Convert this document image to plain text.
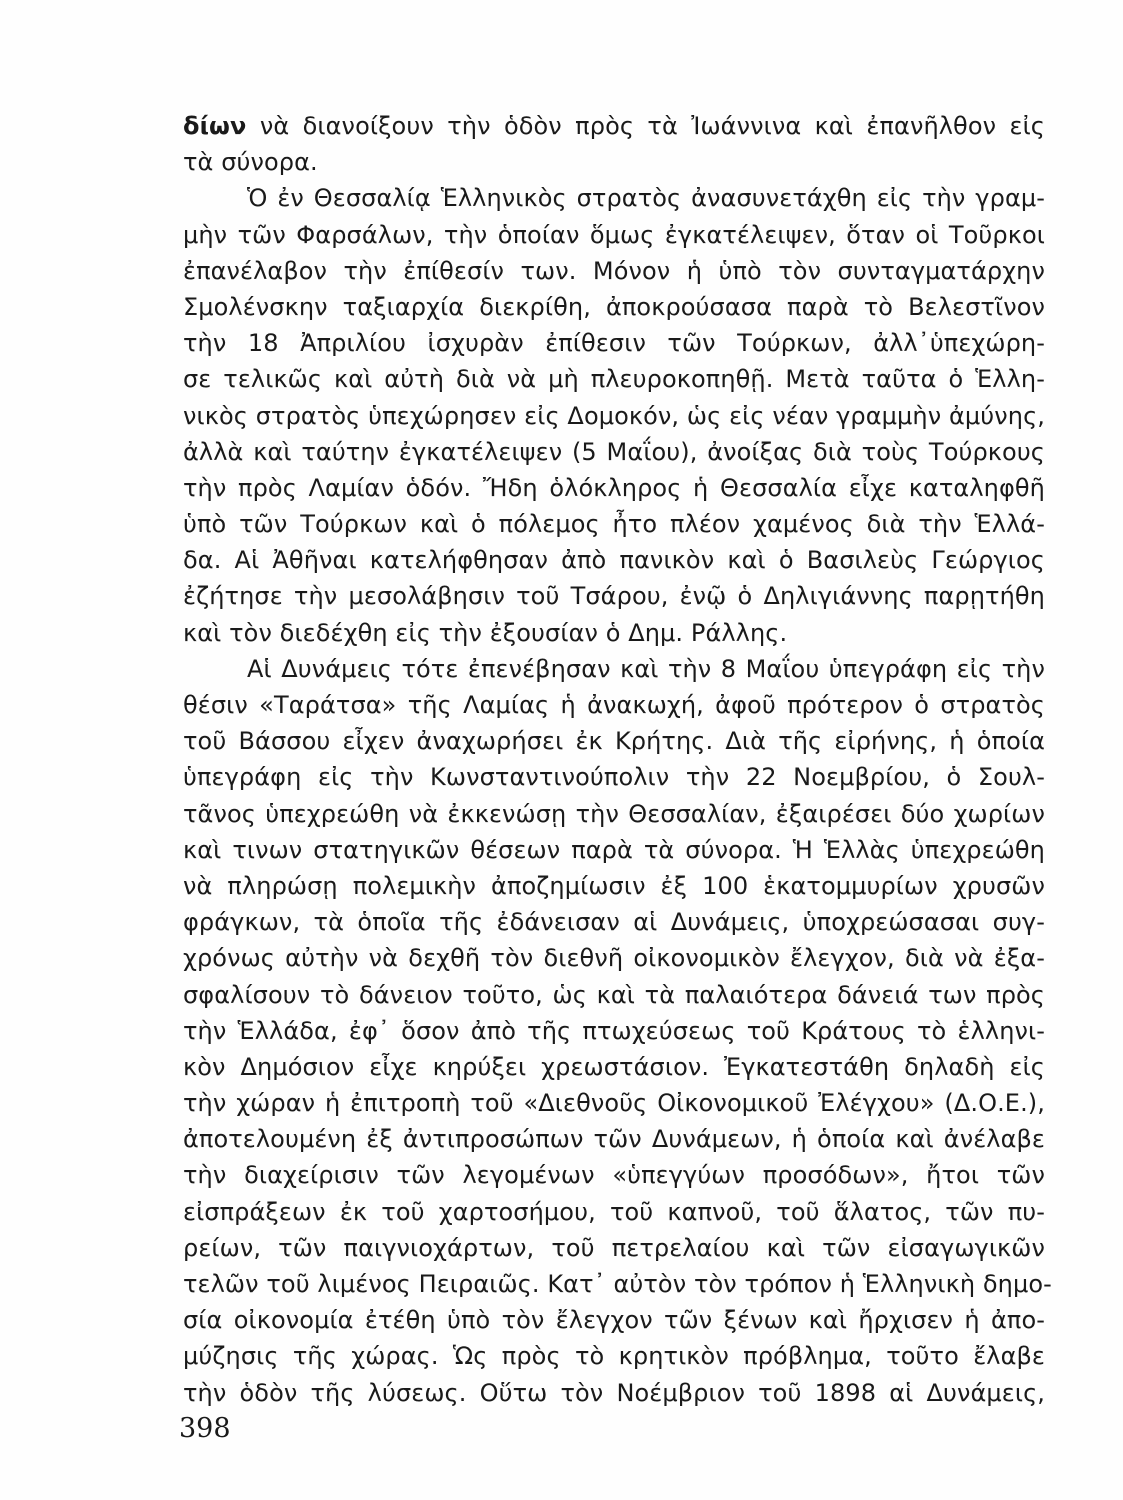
δίων νὰ διανοίξουν τὴν ὁδὸν πρὸς τὰ Ἰωάννινα καὶ ἐπανῆλθον εἰς
τὰ σύνορα.
Ὁ ἐν Θεσσαλίᾳ Ἑλληνικὸς στρατὸς ἀνασυνετάχθη εἰς τὴν γραμ-
μὴν τῶν Φαρσάλων, τὴν ὁποίαν ὅμως ἐγκατέλειψεν, ὅταν οἱ Τοῦρκοι
ἐπανέλαβον τὴν ἐπίθεσίν των. Μόνον ἡ ὑπὸ τὸν συνταγματάρχην
Σμολένσκην ταξιαρχία διεκρίθη, ἀποκρούσασα παρὰ τὸ Βελεστῖνον
τὴν 18 Ἀπριλίου ἰσχυρὰν ἐπίθεσιν τῶν Τούρκων, ἀλλ᾽ὑπεχώρη-
σε τελικῶς καὶ αὐτὴ διὰ νὰ μὴ πλευροκοπηθῇ. Μετὰ ταῦτα ὁ Ἑλλη-
νικὸς στρατὸς ὑπεχώρησεν εἰς Δομοκόν, ὡς εἰς νέαν γραμμὴν ἀμύνης,
ἀλλὰ καὶ ταύτην ἐγκατέλειψεν (5 Μαΐου), ἀνοίξας διὰ τοὺς Τούρκους
τὴν πρὸς Λαμίαν ὁδόν. Ἤδη ὁλόκληρος ἡ Θεσσαλία εἶχε καταληφθῆ
ὑπὸ τῶν Τούρκων καὶ ὁ πόλεμος ἦτο πλέον χαμένος διὰ τὴν Ἑλλά-
δα. Αἱ Ἀθῆναι κατελήφθησαν ἀπὸ πανικὸν καὶ ὁ Βασιλεὺς Γεώργιος
ἐζήτησε τὴν μεσολάβησιν τοῦ Τσάρου, ἐνῷ ὁ Δηλιγιάννης παρῃτήθη
καὶ τὸν διεδέχθη εἰς τὴν ἐξουσίαν ὁ Δημ. Ράλλης.
Αἱ Δυνάμεις τότε ἐπενέβησαν καὶ τὴν 8 Μαΐου ὑπεγράφη εἰς τὴν
θέσιν «Ταράτσα» τῆς Λαμίας ἡ ἀνακωχή, ἀφοῦ πρότερον ὁ στρατὸς
τοῦ Βάσσου εἶχεν ἀναχωρήσει ἐκ Κρήτης. Διὰ τῆς εἰρήνης, ἡ ὁποία
ὑπεγράφη εἰς τὴν Κωνσταντινούπολιν τὴν 22 Νοεμβρίου, ὁ Σουλ-
τᾶνος ὑπεχρεώθη νὰ ἐκκενώσῃ τὴν Θεσσαλίαν, ἐξαιρέσει δύο χωρίων
καὶ τινων στατηγικῶν θέσεων παρὰ τὰ σύνορα. Ἡ Ἑλλὰς ὑπεχρεώθη
νὰ πληρώσῃ πολεμικὴν ἀποζημίωσιν ἐξ 100 ἑκατομμυρίων χρυσῶν
φράγκων, τὰ ὁποῖα τῆς ἐδάνεισαν αἱ Δυνάμεις, ὑποχρεώσασαι συγ-
χρόνως αὐτὴν νὰ δεχθῆ τὸν διεθνῆ οἰκονομικὸν ἔλεγχον, διὰ νὰ ἐξα-
σφαλίσουν τὸ δάνειον τοῦτο, ὡς καὶ τὰ παλαιότερα δάνειά των πρὸς
τὴν Ἑλλάδα, ἐφ᾽ ὅσον ἀπὸ τῆς πτωχεύσεως τοῦ Κράτους τὸ ἑλληνι-
κὸν Δημόσιον εἶχε κηρύξει χρεωστάσιον. Ἐγκατεστάθη δηλαδὴ εἰς
τὴν χώραν ἡ ἐπιτροπὴ τοῦ «Διεθνοῦς Οἰκονομικοῦ Ἐλέγχου» (Δ.Ο.Ε.),
ἀποτελουμένη ἐξ ἀντιπροσώπων τῶν Δυνάμεων, ἡ ὁποία καὶ ἀνέλαβε
τὴν διαχείρισιν τῶν λεγομένων «ὑπεγγύων προσόδων», ἤτοι τῶν
εἰσπράξεων ἐκ τοῦ χαρτοσήμου, τοῦ καπνοῦ, τοῦ ἅλατος, τῶν πυ-
ρείων, τῶν παιγνιοχάρτων, τοῦ πετρελαίου καὶ τῶν εἰσαγωγικῶν
τελῶν τοῦ λιμένος Πειραιῶς. Κατ᾽ αὐτὸν τὸν τρόπον ἡ Ἑλληνικὴ δημο-
σία οἰκονομία ἐτέθη ὑπὸ τὸν ἔλεγχον τῶν ξένων καὶ ἤρχισεν ἡ ἀπο-
μύζησις τῆς χώρας. Ὡς πρὸς τὸ κρητικὸν πρόβλημα, τοῦτο ἔλαβε
τὴν ὁδὸν τῆς λύσεως. Οὕτω τὸν Νοέμβριον τοῦ 1898 αἱ Δυνάμεις,
398
